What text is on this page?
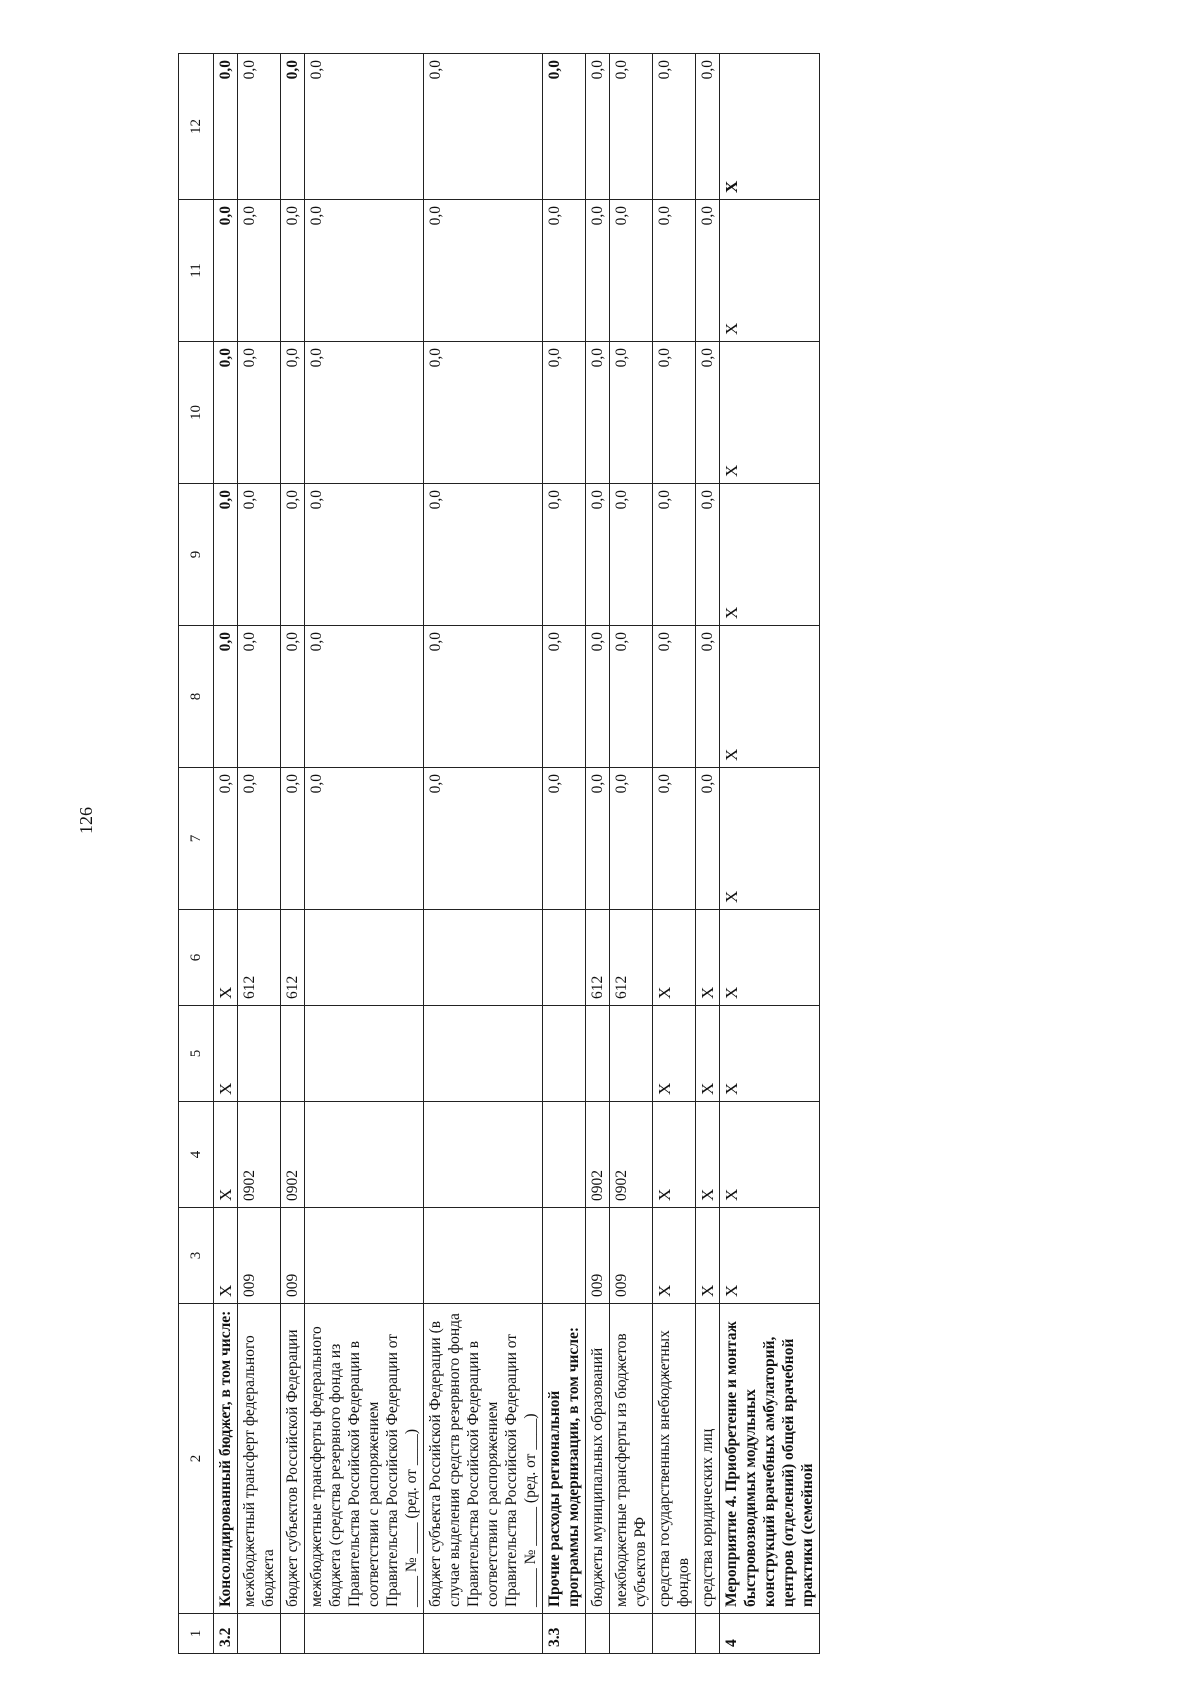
126
1	2	3	4	5	6	7	8	9	10	11	12
3.2	Консолидированный бюджет, в том числе:	Х	Х	Х	Х	0,0	0,0	0,0	0,0	0,0	0,0
	межбюджетный трансферт федерального бюджета	009	0902		612	0,0	0,0	0,0	0,0	0,0	0,0
	бюджет субъектов Российской Федерации	009	0902		612	0,0	0,0	0,0	0,0	0,0	0,0
	межбюджетные трансферты федерального бюджета (средства резервного фонда из Правительства Российской Федерации в соответствии с распоряжением Правительства Российской Федерации от ____ № ____ (ред. от ____)					0,0	0,0	0,0	0,0	0,0	0,0
	бюджет субъекта Российской Федерации (в случае выделения средств резервного фонда Правительства Российской Федерации в соответствии с распоряжением Правительства Российской Федерации от _____ № _____ (ред. от ____)					0,0	0,0	0,0	0,0	0,0	0,0
3.3	Прочие расходы региональной программы модернизации, в том числе:					0,0	0,0	0,0	0,0	0,0	0,0
	бюджеты муниципальных образований	009	0902		612	0,0	0,0	0,0	0,0	0,0	0,0
	межбюджетные трансферты из бюджетов субъектов РФ	009	0902		612	0,0	0,0	0,0	0,0	0,0	0,0
	средства государственных внебюджетных фондов	Х	Х	Х	Х	0,0	0,0	0,0	0,0	0,0	0,0
	средства юридических лиц	Х	Х	Х	Х	0,0	0,0	0,0	0,0	0,0	0,0
4	Мероприятие 4. Приобретение и монтаж быстровозводимых модульных конструкций врачебных амбулаторий, центров (отделений) общей врачебной практики (семейной	Х	Х	Х	Х	Х	Х	Х	Х	Х	Х
